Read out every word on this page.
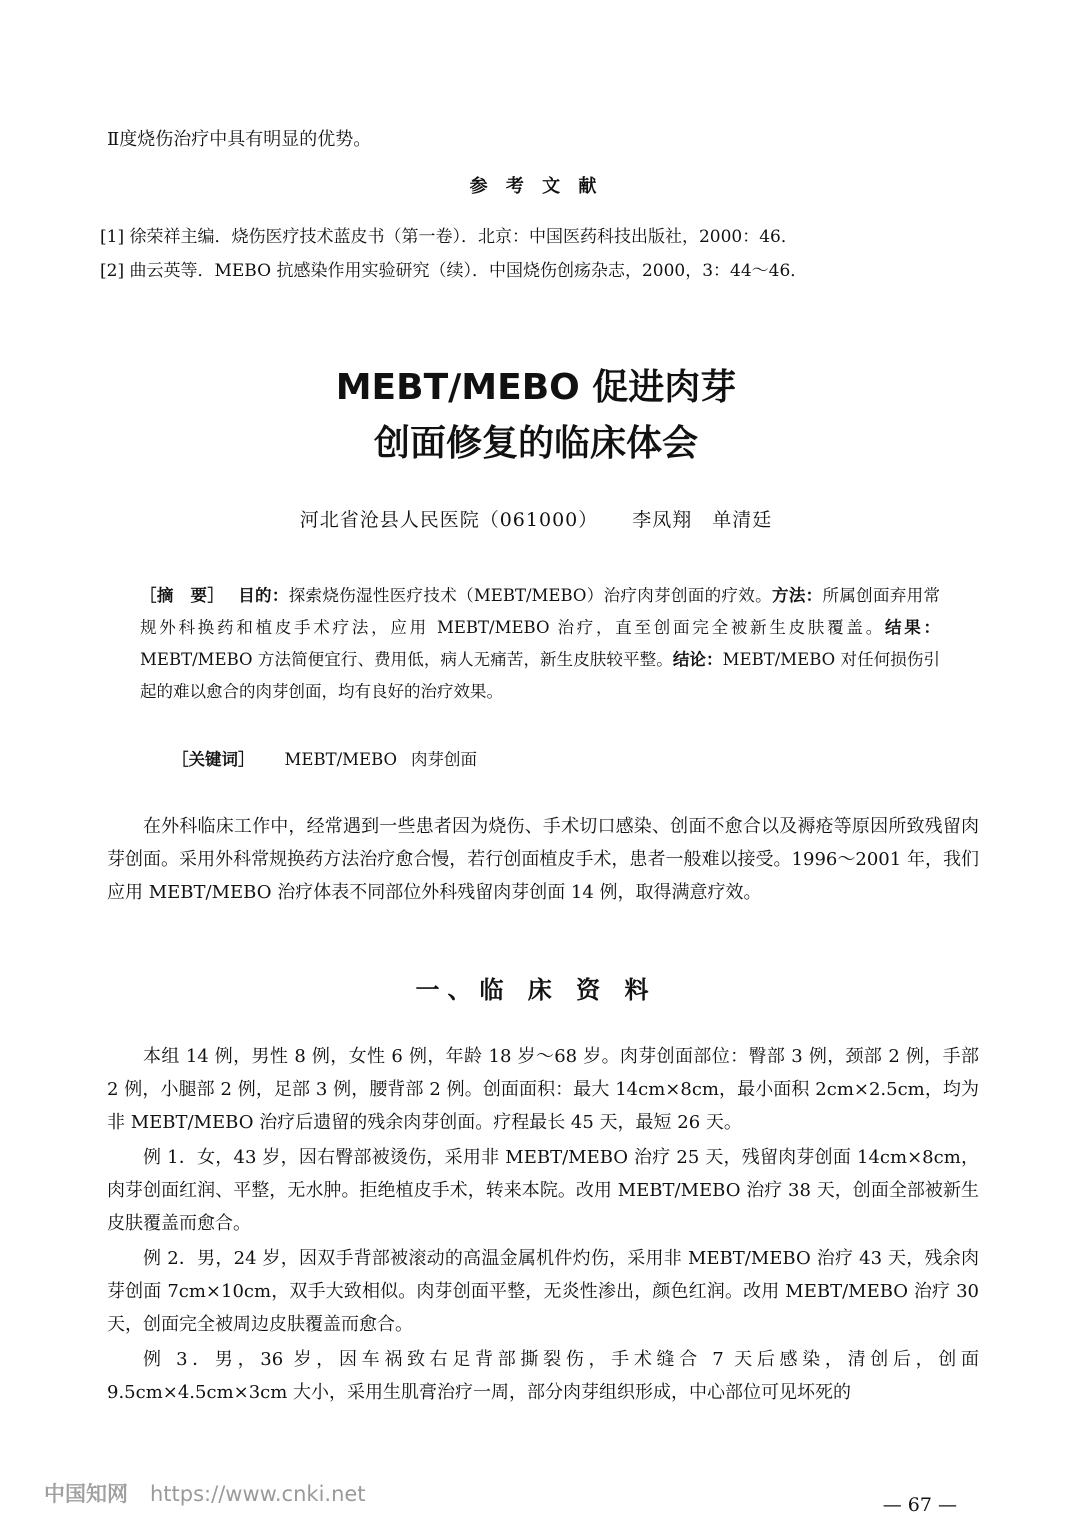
Ⅱ度烧伤治疗中具有明显的优势。
参 考 文 献
[1] 徐荣祥主编．烧伤医疗技术蓝皮书（第一卷）．北京：中国医药科技出版社，2000：46．
[2] 曲云英等．MEBO 抗感染作用实验研究（续）．中国烧伤创疡杂志，2000，3：44～46．
MEBT/MEBO 促进肉芽
创面修复的临床体会
河北省沧县人民医院（061000） 李凤翔　单清廷
［摘　要］ 目的：探索烧伤湿性医疗技术（MEBT/MEBO）治疗肉芽创面的疗效。方法：所属创面弃用常规外科换药和植皮手术疗法，应用 MEBT/MEBO 治疗，直至创面完全被新生皮肤覆盖。结果：MEBT/MEBO 方法简便宜行、费用低，病人无痛苦，新生皮肤较平整。结论：MEBT/MEBO 对任何损伤引起的难以愈合的肉芽创面，均有良好的治疗效果。
［关键词］ MEBT/MEBO 肉芽创面
在外科临床工作中，经常遇到一些患者因为烧伤、手术切口感染、创面不愈合以及褥疮等原因所致残留肉芽创面。采用外科常规换药方法治疗愈合慢，若行创面植皮手术，患者一般难以接受。1996～2001 年，我们应用 MEBT/MEBO 治疗体表不同部位外科残留肉芽创面 14 例，取得满意疗效。
一、临 床 资 料

本组 14 例，男性 8 例，女性 6 例，年龄 18 岁～68 岁。肉芽创面部位：臀部 3 例，颈部 2 例，手部 2 例，小腿部 2 例，足部 3 例，腰背部 2 例。创面面积：最大 14cm×8cm，最小面积 2cm×2.5cm，均为非 MEBT/MEBO 治疗后遗留的残余肉芽创面。疗程最长 45 天，最短 26 天。

例 1．女，43 岁，因右臀部被烫伤，采用非 MEBT/MEBO 治疗 25 天，残留肉芽创面 14cm×8cm，肉芽创面红润、平整，无水肿。拒绝植皮手术，转来本院。改用 MEBT/MEBO 治疗 38 天，创面全部被新生皮肤覆盖而愈合。

例 2．男，24 岁，因双手背部被滚动的高温金属机件灼伤，采用非 MEBT/MEBO 治疗 43 天，残余肉芽创面 7cm×10cm，双手大致相似。肉芽创面平整，无炎性渗出，颜色红润。改用 MEBT/MEBO 治疗 30 天，创面完全被周边皮肤覆盖而愈合。

例 3．男，36 岁，因车祸致右足背部撕裂伤，手术缝合 7 天后感染，清创后，创面 9.5cm×4.5cm×3cm 大小，采用生肌膏治疗一周，部分肉芽组织形成，中心部位可见坏死的

— 67 —
中国知网 https://www.cnki.net
